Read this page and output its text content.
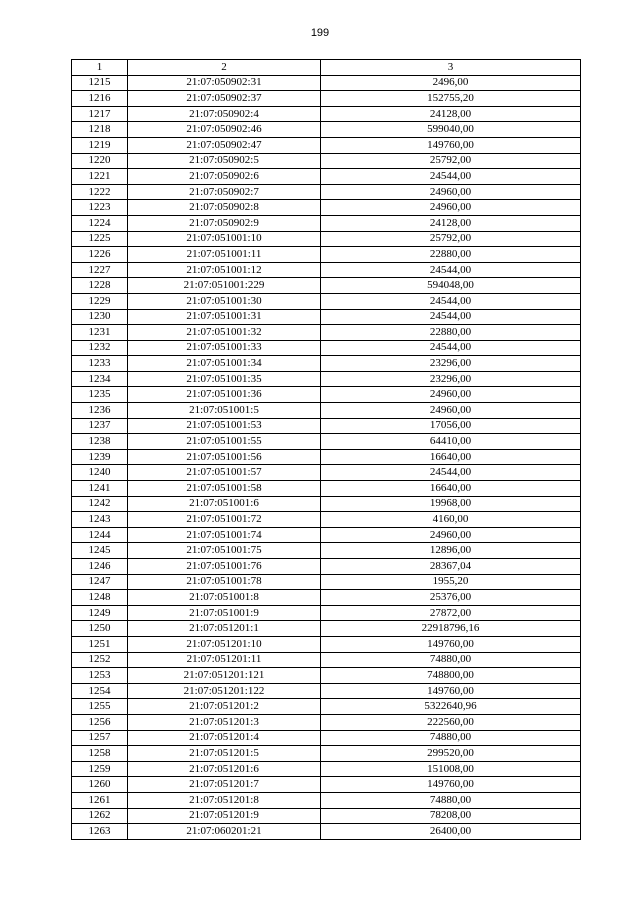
199
1	2	3
1215	21:07:050902:31	2496,00
1216	21:07:050902:37	152755,20
1217	21:07:050902:4	24128,00
1218	21:07:050902:46	599040,00
1219	21:07:050902:47	149760,00
1220	21:07:050902:5	25792,00
1221	21:07:050902:6	24544,00
1222	21:07:050902:7	24960,00
1223	21:07:050902:8	24960,00
1224	21:07:050902:9	24128,00
1225	21:07:051001:10	25792,00
1226	21:07:051001:11	22880,00
1227	21:07:051001:12	24544,00
1228	21:07:051001:229	594048,00
1229	21:07:051001:30	24544,00
1230	21:07:051001:31	24544,00
1231	21:07:051001:32	22880,00
1232	21:07:051001:33	24544,00
1233	21:07:051001:34	23296,00
1234	21:07:051001:35	23296,00
1235	21:07:051001:36	24960,00
1236	21:07:051001:5	24960,00
1237	21:07:051001:53	17056,00
1238	21:07:051001:55	64410,00
1239	21:07:051001:56	16640,00
1240	21:07:051001:57	24544,00
1241	21:07:051001:58	16640,00
1242	21:07:051001:6	19968,00
1243	21:07:051001:72	4160,00
1244	21:07:051001:74	24960,00
1245	21:07:051001:75	12896,00
1246	21:07:051001:76	28367,04
1247	21:07:051001:78	1955,20
1248	21:07:051001:8	25376,00
1249	21:07:051001:9	27872,00
1250	21:07:051201:1	22918796,16
1251	21:07:051201:10	149760,00
1252	21:07:051201:11	74880,00
1253	21:07:051201:121	748800,00
1254	21:07:051201:122	149760,00
1255	21:07:051201:2	5322640,96
1256	21:07:051201:3	222560,00
1257	21:07:051201:4	74880,00
1258	21:07:051201:5	299520,00
1259	21:07:051201:6	151008,00
1260	21:07:051201:7	149760,00
1261	21:07:051201:8	74880,00
1262	21:07:051201:9	78208,00
1263	21:07:060201:21	26400,00
